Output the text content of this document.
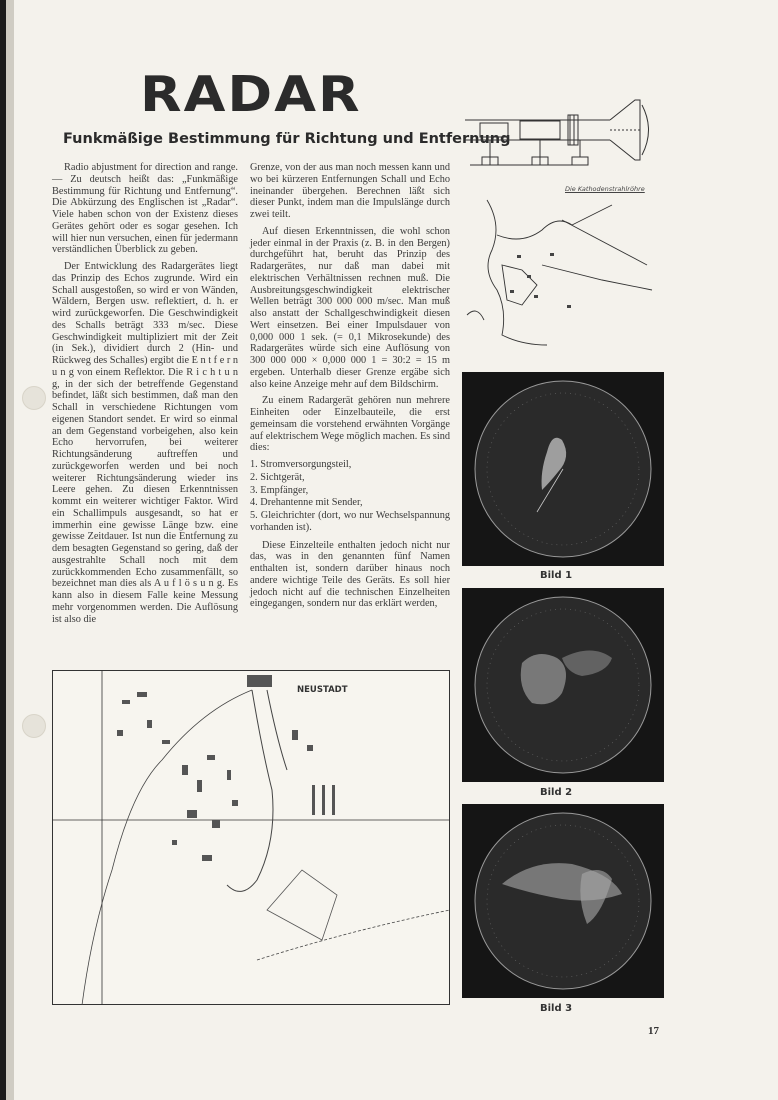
RADAR
Funkmäßige Bestimmung für Richtung und Entfernung

Radio abjustment for direction and range. — Zu deutsch heißt das: „Funkmäßige Bestimmung für Richtung und Entfernung“. Die Abkürzung des Englischen ist „Radar“. Viele haben schon von der Existenz dieses Gerätes gehört oder es sogar gesehen. Ich will hier nun versuchen, einen für jedermann verständlichen Überblick zu geben.

Der Entwicklung des Radargerätes liegt das Prinzip des Echos zugrunde. Wird ein Schall ausgestoßen, so wird er von Wänden, Wäldern, Bergen usw. reflektiert, d. h. er wird zurückgeworfen. Die Geschwindigkeit des Schalls beträgt 333 m/sec. Diese Geschwindigkeit multipliziert mit der Zeit (in Sek.), dividiert durch 2 (Hin- und Rückweg des Schalles) ergibt die E n t f e r n u n g von einem Reflektor. Die R i c h t u n g, in der sich der betreffende Gegenstand befindet, läßt sich bestimmen, daß man den Schall in verschiedene Richtungen vom eigenen Standort sendet. Er wird so einmal an dem Gegenstand vorbeigehen, also kein Echo hervorrufen, bei weiterer Richtungsänderung auftreffen und zurückgeworfen werden und bei noch weiterer Richtungsänderung wieder ins Leere gehen. Zu diesen Erkenntnissen kommt ein weiterer wichtiger Faktor. Wird ein Schallimpuls ausgesandt, so hat er immerhin eine gewisse Länge bzw. eine gewisse Zeitdauer. Ist nun die Entfernung zu dem besagten Gegenstand so gering, daß der ausgestrahlte Schall noch mit dem zurückkommenden Echo zusammenfällt, so bezeichnet man dies als A u f l ö s u n g. Es kann also in diesem Falle keine Messung mehr vorgenommen werden. Die Auflösung ist also die

Grenze, von der aus man noch messen kann und wo bei kürzeren Entfernungen Schall und Echo ineinander übergehen. Berechnen läßt sich dieser Punkt, indem man die Impulslänge durch zwei teilt.

Auf diesen Erkenntnissen, die wohl schon jeder einmal in der Praxis (z. B. in den Bergen) durchgeführt hat, beruht das Prinzip des Radargerätes, nur daß man dabei mit elektrischen Verhältnissen rechnen muß. Die Ausbreitungsgeschwindigkeit elektrischer Wellen beträgt 300 000 000 m/sec. Man muß also anstatt der Schallgeschwindigkeit diesen Wert einsetzen. Bei einer Impulsdauer von 0,000 000 1 sek. (= 0,1 Mikrosekunde) des Radargerätes würde sich eine Auflösung von 300 000 000 × 0,000 000 1 = 30:2 = 15 m ergeben. Unterhalb dieser Grenze ergäbe sich also keine Anzeige mehr auf dem Bildschirm.

Zu einem Radargerät gehören nun mehrere Einheiten oder Einzelbauteile, die erst gemeinsam die vorstehend erwähnten Vorgänge auf elektrischem Wege möglich machen. Es sind dies:

1. Stromversorgungsteil,
2. Sichtgerät,
3. Empfänger,
4. Drehantenne mit Sender,
5. Gleichrichter (dort, wo nur Wechselspannung vorhanden ist).

Diese Einzelteile enthalten jedoch nicht nur das, was in den genannten fünf Namen enthalten ist, sondern darüber hinaus noch andere wichtige Teile des Geräts. Es soll hier jedoch nicht auf die technischen Einzelheiten eingegangen, sondern nur das erklärt werden,

Die Kathodenstrahlröhre
Bild 1
Bild 2
Bild 3
NEUSTADT
17
